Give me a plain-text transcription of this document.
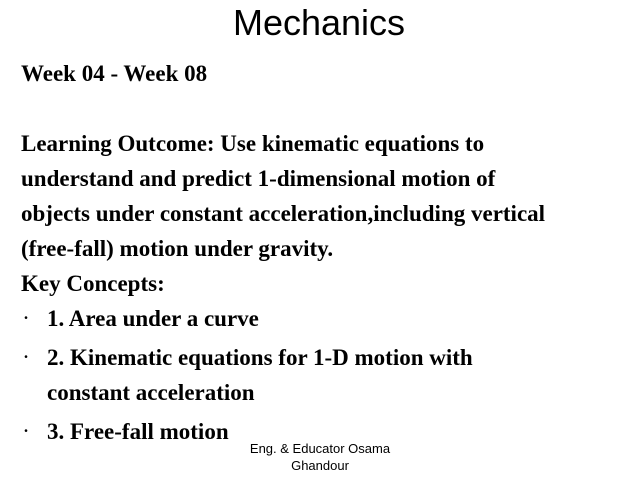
Mechanics

Week 04 - Week 08

Learning Outcome: Use kinematic equations to

understand and predict 1-dimensional motion of

objects under constant acceleration,including vertical

(free-fall) motion under gravity.

Key Concepts:

• 1. Area under a curve

• 2. Kinematic equations for 1-D motion with

constant acceleration

• 3. Free-fall motion

Eng. & Educator Osama
Ghandour
